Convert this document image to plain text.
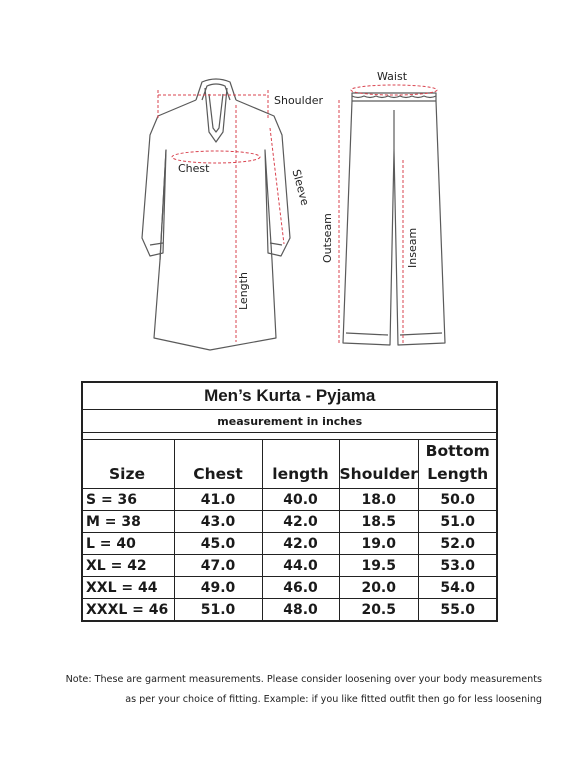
Shoulder
Chest	Sleeve
Length
Waist
Outseam	Inseam
Men’s Kurta - Pyjama				
measurement in inches				

Size	Chest	length	Shoulder	Bottom
Length
S = 36	41.0	40.0	18.0	50.0
M = 38	43.0	42.0	18.5	51.0
L = 40	45.0	42.0	19.0	52.0
XL = 42	47.0	44.0	19.5	53.0
XXL = 44	49.0	46.0	20.0	54.0
XXXL = 46	51.0	48.0	20.5	55.0
Note: These are garment measurements. Please consider loosening over your body measurements
as per your choice of fitting. Example: if you like fitted outfit then go for less loosening
